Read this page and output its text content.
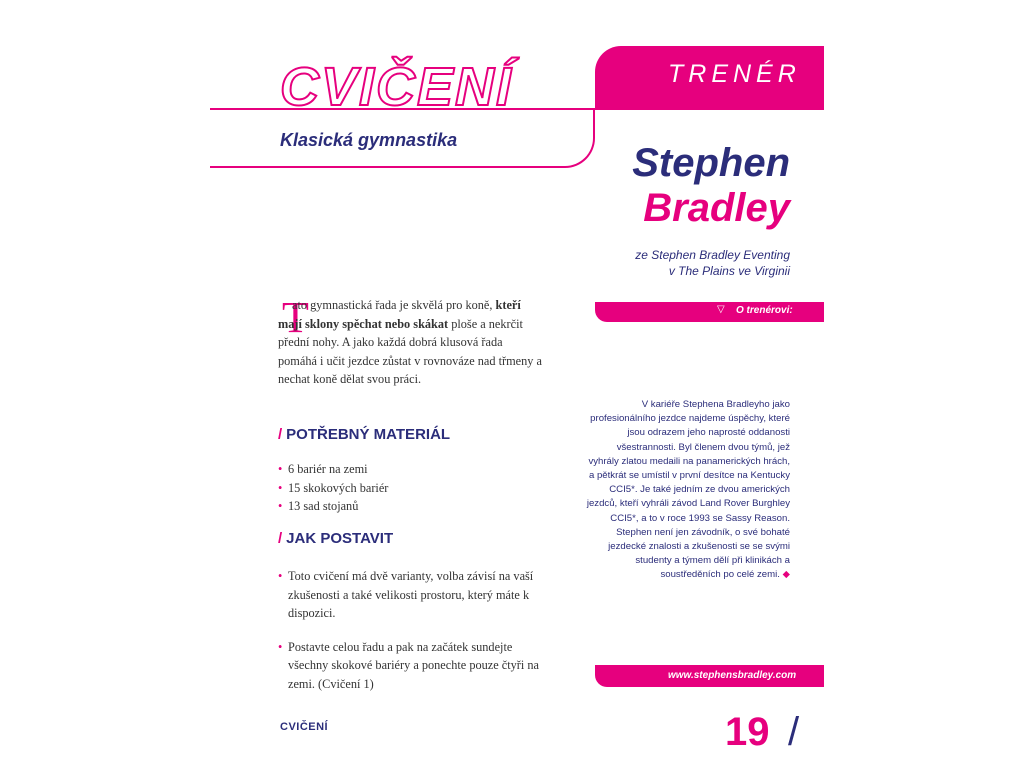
CVIČENÍ
Klasická gymnastika
TRENÉR
Stephen
Bradley
ze Stephen Bradley Eventing
v The Plains ve Virginii
▽ O trenérovi:
V kariéře Stephena Bradleyho jako profesionálního jezdce najdeme úspěchy, které jsou odrazem jeho naprosté oddanosti všestrannosti. Byl členem dvou týmů, jež vyhrály zlatou medaili na panamerických hrách, a pětkrát se umístil v první desítce na Kentucky CCI5*. Je také jedním ze dvou amerických jezdců, kteří vyhráli závod Land Rover Burghley CCI5*, a to v roce 1993 se Sassy Reason. Stephen není jen závodník, o své bohaté jezdecké znalosti a zkušenosti se se svými studenty a týmem dělí při klinikách a soustředěních po celé zemi. ◆
www.stephensbradley.com
T

ato gymnastická řada je skvělá pro koně, kteří mají sklony spěchat nebo skákat ploše a nekrčit přední nohy. A jako každá dobrá klusová řada pomáhá i učit jezdce zůstat v rovnováze nad třmeny a nechat koně dělat svou práci.

/ POTŘEBNÝ MATERIÁL
• 6 bariér na zemi
• 15 skokových bariér
• 13 sad stojanů
/ JAK POSTAVIT
• Toto cvičení má dvě varianty, volba závisí na vaší zkušenosti a také velikosti prostoru, který máte k dispozici.
• Postavte celou řadu a pak na začátek sundejte všechny skokové bariéry a ponechte pouze čtyři na zemi. (Cvičení 1)
CVIČENÍ	19 /
